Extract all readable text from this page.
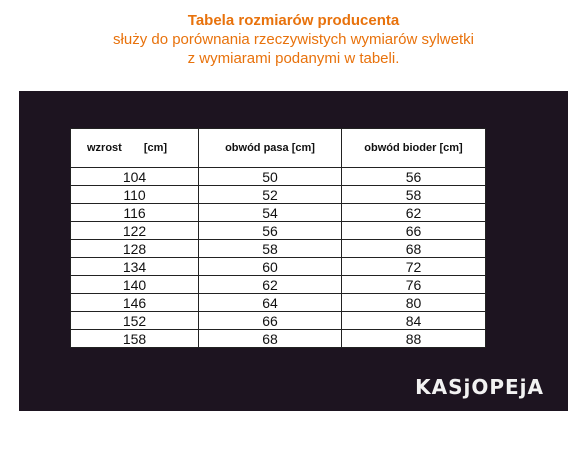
Tabela rozmiarów producenta
służy do porównania rzeczywistych wymiarów sylwetki
z wymiarami podanymi w tabeli.
wzrost [cm]	obwód pasa [cm]	obwód bioder [cm]
104	50	56
110	52	58
116	54	62
122	56	66
128	58	68
134	60	72
140	62	76
146	64	80
152	66	84
158	68	88
KASjOPEjA
